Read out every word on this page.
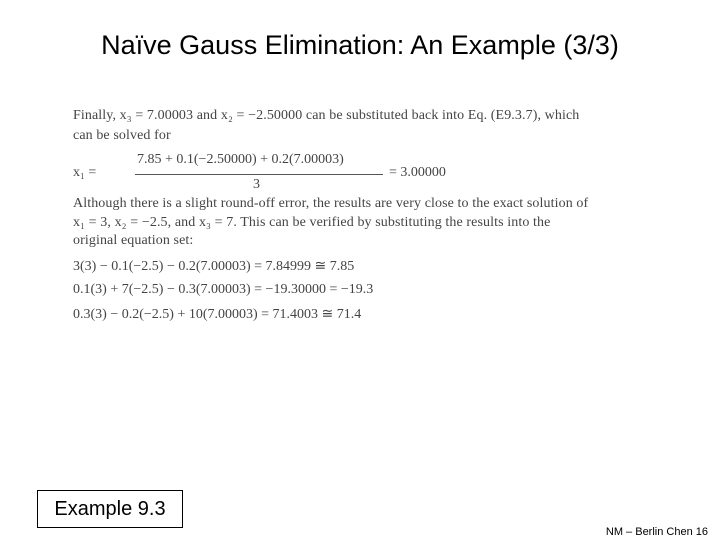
Naïve Gauss Elimination: An Example (3/3)
Finally, x₃ = 7.00003 and x₂ = −2.50000 can be substituted back into Eq. (E9.3.7), which
can be solved for
x₁ =
7.85 + 0.1(−2.50000) + 0.2(7.00003)
3
= 3.00000
Although there is a slight round-off error, the results are very close to the exact solution of
x₁ = 3, x₂ = −2.5, and x₃ = 7. This can be verified by substituting the results into the
original equation set:
3(3) − 0.1(−2.5) − 0.2(7.00003) = 7.84999 ≅ 7.85
0.1(3) + 7(−2.5) − 0.3(7.00003) = −19.30000 = −19.3
0.3(3) − 0.2(−2.5) + 10(7.00003) = 71.4003 ≅ 71.4
Example 9.3
NM – Berlin Chen 16
